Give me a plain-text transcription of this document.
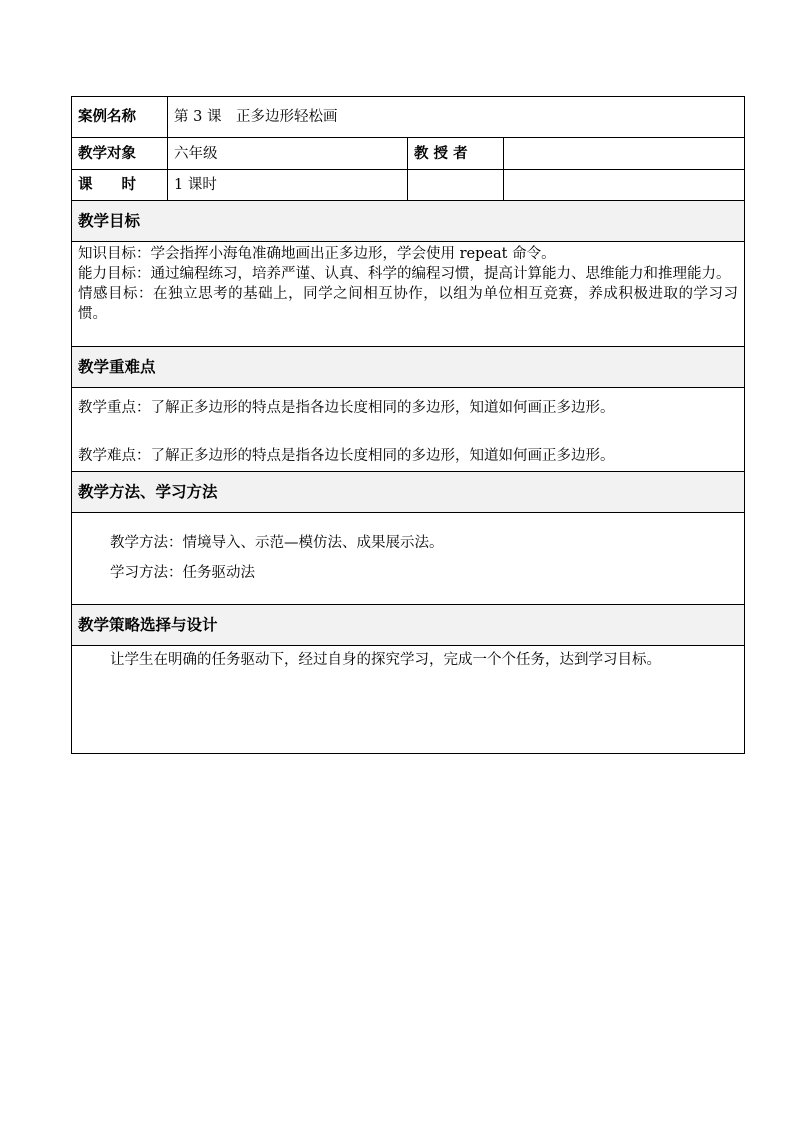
案例名称	第 3 课　正多边形轻松画		
教学对象	六年级	教 授 者	
课　　时	1 课时		
教学目标			

知识目标：学会指挥小海龟准确地画出正多边形，学会使用 repeat 命令。

能力目标：通过编程练习，培养严谨、认真、科学的编程习惯，提高计算能力、思维能力和推理能力。

情感目标：在独立思考的基础上，同学之间相互协作，以组为单位相互竞赛，养成积极进取的学习习惯。			

教学重难点			

教学重点：了解正多边形的特点是指各边长度相同的多边形，知道如何画正多边形。

教学难点：了解正多边形的特点是指各边长度相同的多边形，知道如何画正多边形。			

教学方法、学习方法			

教学方法：情境导入、示范—模仿法、成果展示法。

学习方法：任务驱动法			

教学策略选择与设计			

让学生在明确的任务驱动下，经过自身的探究学习，完成一个个任务，达到学习目标。			
